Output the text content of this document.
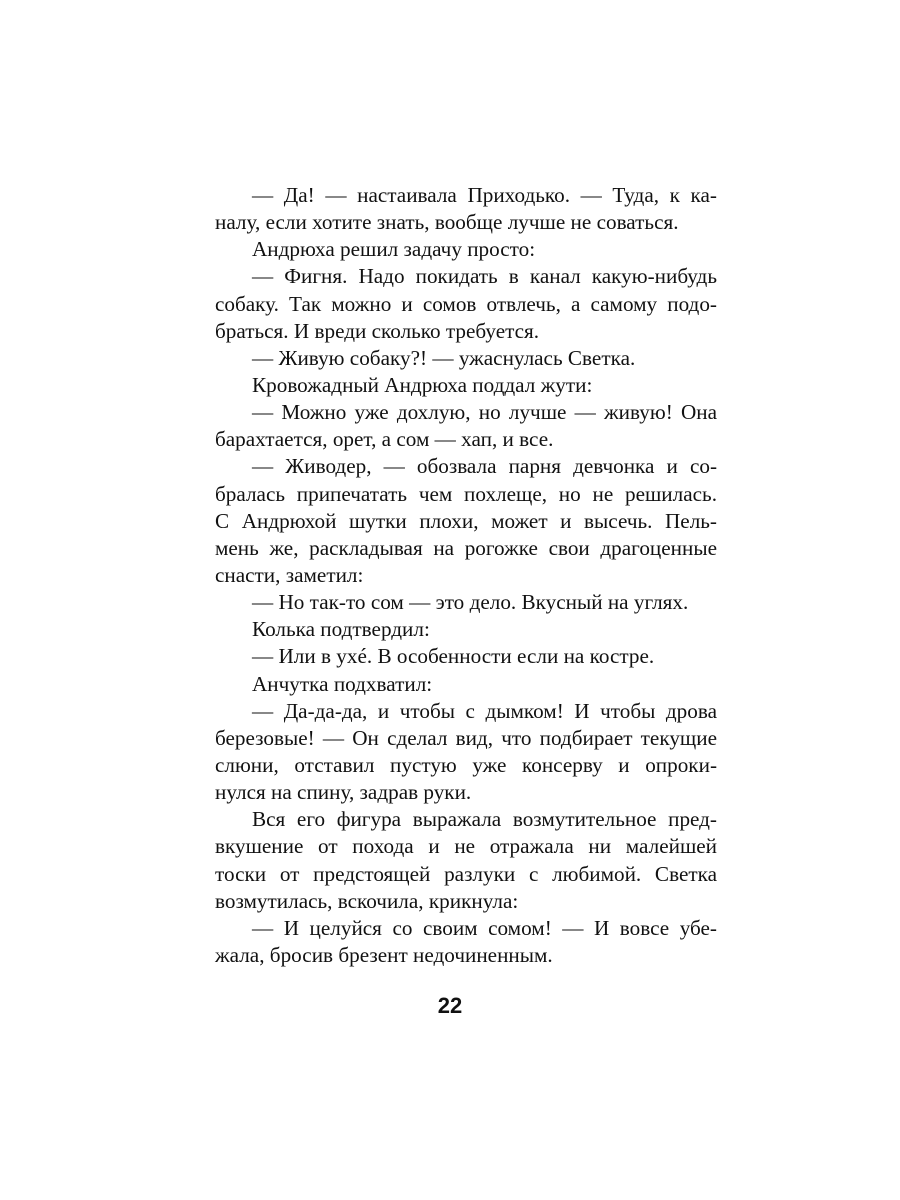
— Да! — настаивала Приходько. — Туда, к ка-
налу, если хотите знать, вообще лучше не соваться.
Андрюха решил задачу просто:
— Фигня. Надо покидать в канал какую-нибудь
собаку. Так можно и сомов отвлечь, а самому подо-
браться. И вреди сколько требуется.
— Живую собаку?! — ужаснулась Светка.
Кровожадный Андрюха поддал жути:
— Можно уже дохлую, но лучше — живую! Она
барахтается, орет, а сом — хап, и все.
— Живодер, — обозвала парня девчонка и со-
бралась припечатать чем похлеще, но не решилась.
С Андрюхой шутки плохи, может и высечь. Пель-
мень же, раскладывая на рогожке свои драгоценные
снасти, заметил:
— Но так-то сом — это дело. Вкусный на углях.
Колька подтвердил:
— Или в ухé. В особенности если на костре.
Анчутка подхватил:
— Да-да-да, и чтобы с дымком! И чтобы дрова
березовые! — Он сделал вид, что подбирает текущие
слюни, отставил пустую уже консерву и опроки-
нулся на спину, задрав руки.
Вся его фигура выражала возмутительное пред-
вкушение от похода и не отражала ни малейшей
тоски от предстоящей разлуки с любимой. Светка
возмутилась, вскочила, крикнула:
— И целуйся со своим сомом! — И вовсе убе-
жала, бросив брезент недочиненным.
22
